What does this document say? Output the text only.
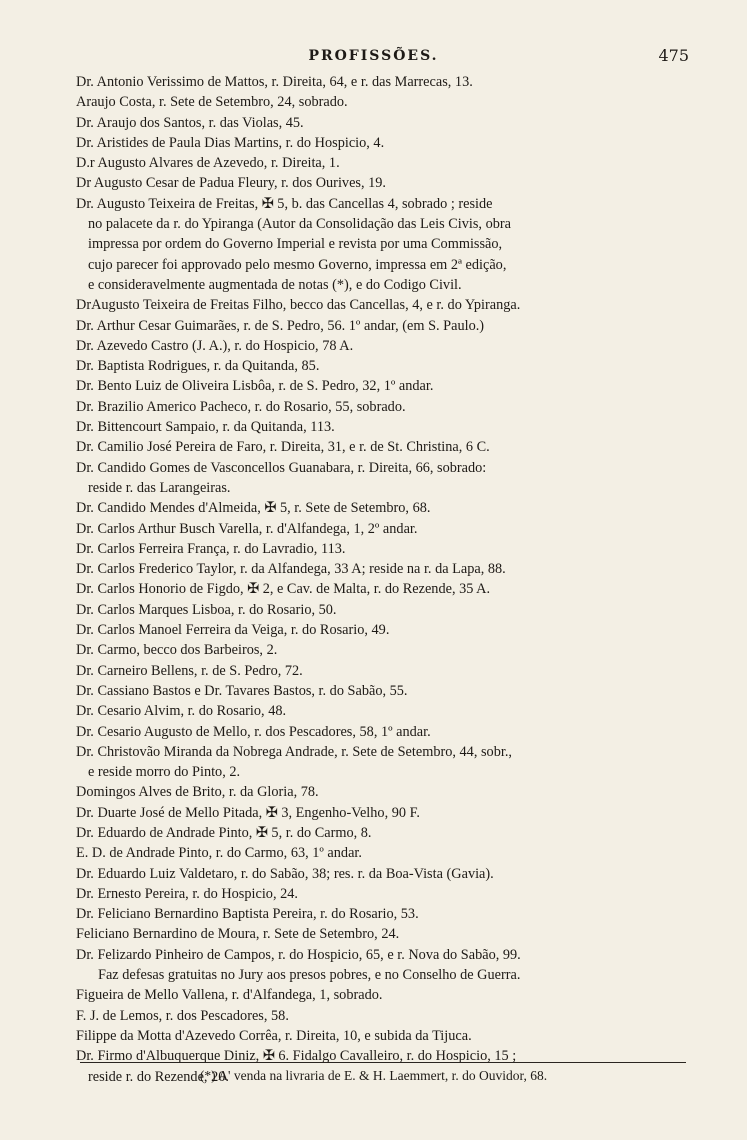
PROFISSÕES.	475
Dr. Antonio Verissimo de Mattos, r. Direita, 64, e r. das Marrecas, 13.
Araujo Costa, r. Sete de Setembro, 24, sobrado.
Dr. Araujo dos Santos, r. das Violas, 45.
Dr. Aristides de Paula Dias Martins, r. do Hospicio, 4.
D.r Augusto Alvares de Azevedo, r. Direita, 1.
Dr Augusto Cesar de Padua Fleury, r. dos Ourives, 19.
Dr. Augusto Teixeira de Freitas, ✠ 5, b. das Cancellas 4, sobrado ; reside
no palacete da r. do Ypiranga (Autor da Consolidação das Leis Civis, obra
impressa por ordem do Governo Imperial e revista por uma Commissão,
cujo parecer foi approvado pelo mesmo Governo, impressa em 2ª edição,
e consideravelmente augmentada de notas (*), e do Codigo Civil.
DrAugusto Teixeira de Freitas Filho, becco das Cancellas, 4, e r. do Ypiranga.
Dr. Arthur Cesar Guimarães, r. de S. Pedro, 56. 1º andar, (em S. Paulo.)
Dr. Azevedo Castro (J. A.), r. do Hospicio, 78 A.
Dr. Baptista Rodrigues, r. da Quitanda, 85.
Dr. Bento Luiz de Oliveira Lisbôa, r. de S. Pedro, 32, 1º andar.
Dr. Brazilio Americo Pacheco, r. do Rosario, 55, sobrado.
Dr. Bittencourt Sampaio, r. da Quitanda, 113.
Dr. Camilio José Pereira de Faro, r. Direita, 31, e r. de St. Christina, 6 C.
Dr. Candido Gomes de Vasconcellos Guanabara, r. Direita, 66, sobrado:
reside r. das Larangeiras.
Dr. Candido Mendes d'Almeida, ✠ 5, r. Sete de Setembro, 68.
Dr. Carlos Arthur Busch Varella, r. d'Alfandega, 1, 2º andar.
Dr. Carlos Ferreira França, r. do Lavradio, 113.
Dr. Carlos Frederico Taylor, r. da Alfandega, 33 A; reside na r. da Lapa, 88.
Dr. Carlos Honorio de Figdo, ✠ 2, e Cav. de Malta, r. do Rezende, 35 A.
Dr. Carlos Marques Lisboa, r. do Rosario, 50.
Dr. Carlos Manoel Ferreira da Veiga, r. do Rosario, 49.
Dr. Carmo, becco dos Barbeiros, 2.
Dr. Carneiro Bellens, r. de S. Pedro, 72.
Dr. Cassiano Bastos e Dr. Tavares Bastos, r. do Sabão, 55.
Dr. Cesario Alvim, r. do Rosario, 48.
Dr. Cesario Augusto de Mello, r. dos Pescadores, 58, 1º andar.
Dr. Christovão Miranda da Nobrega Andrade, r. Sete de Setembro, 44, sobr.,
e reside morro do Pinto, 2.
Domingos Alves de Brito, r. da Gloria, 78.
Dr. Duarte José de Mello Pitada, ✠ 3, Engenho-Velho, 90 F.
Dr. Eduardo de Andrade Pinto, ✠ 5, r. do Carmo, 8.
E. D. de Andrade Pinto, r. do Carmo, 63, 1º andar.
Dr. Eduardo Luiz Valdetaro, r. do Sabão, 38; res. r. da Boa-Vista (Gavia).
Dr. Ernesto Pereira, r. do Hospicio, 24.
Dr. Feliciano Bernardino Baptista Pereira, r. do Rosario, 53.
Feliciano Bernardino de Moura, r. Sete de Setembro, 24.
Dr. Felizardo Pinheiro de Campos, r. do Hospicio, 65, e r. Nova do Sabão, 99.
Faz defesas gratuitas no Jury aos presos pobres, e no Conselho de Guerra.
Figueira de Mello Vallena, r. d'Alfandega, 1, sobrado.
F. J. de Lemos, r. dos Pescadores, 58.
Filippe da Motta d'Azevedo Corrêa, r. Direita, 10, e subida da Tijuca.
Dr. Firmo d'Albuquerque Diniz, ✠ 6. Fidalgo Cavalleiro, r. do Hospicio, 15 ;
reside r. do Rezende, 20.
(*) A' venda na livraria de E. & H. Laemmert, r. do Ouvidor, 68.
